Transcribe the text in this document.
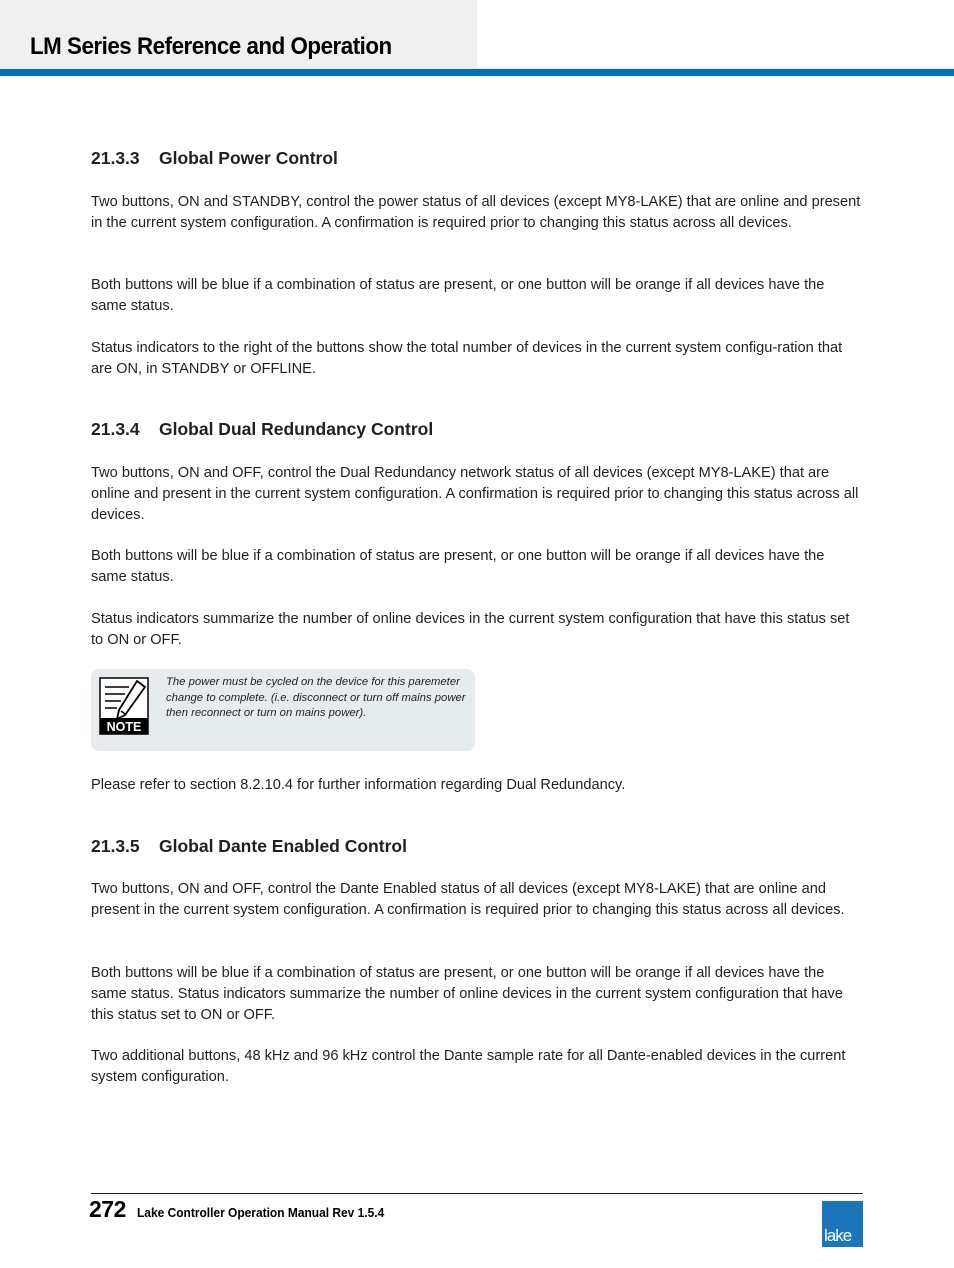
LM Series Reference and Operation
21.3.3 Global Power Control

Two buttons, ON and STANDBY, control the power status of all devices (except MY8-LAKE) that are online and present in the current system configuration. A confirmation is required prior to changing this status across all devices.

Both buttons will be blue if a combination of status are present, or one button will be orange if all devices have the same status.

Status indicators to the right of the buttons show the total number of devices in the current system configu-ration that are ON, in STANDBY or OFFLINE.

21.3.4 Global Dual Redundancy Control

Two buttons, ON and OFF, control the Dual Redundancy network status of all devices (except MY8-LAKE) that are online and present in the current system configuration. A confirmation is required prior to changing this status across all devices.

Both buttons will be blue if a combination of status are present, or one button will be orange if all devices have the same status.

Status indicators summarize the number of online devices in the current system configuration that have this status set to ON or OFF.

Please refer to section 8.2.10.4 for further information regarding Dual Redundancy.

21.3.5 Global Dante Enabled Control

Two buttons, ON and OFF, control the Dante Enabled status of all devices (except MY8-LAKE) that are online and present in the current system configuration. A confirmation is required prior to changing this status across all devices.

Both buttons will be blue if a combination of status are present, or one button will be orange if all devices have the same status. Status indicators summarize the number of online devices in the current system configuration that have this status set to ON or OFF.

Two additional buttons, 48 kHz and 96 kHz control the Dante sample rate for all Dante-enabled devices in the current system configuration.

NOTE
The power must be cycled on the device for this paremeter change to complete. (i.e. disconnect or turn off mains power then reconnect or turn on mains power).
272 Lake Controller Operation Manual Rev 1.5.4
lake
